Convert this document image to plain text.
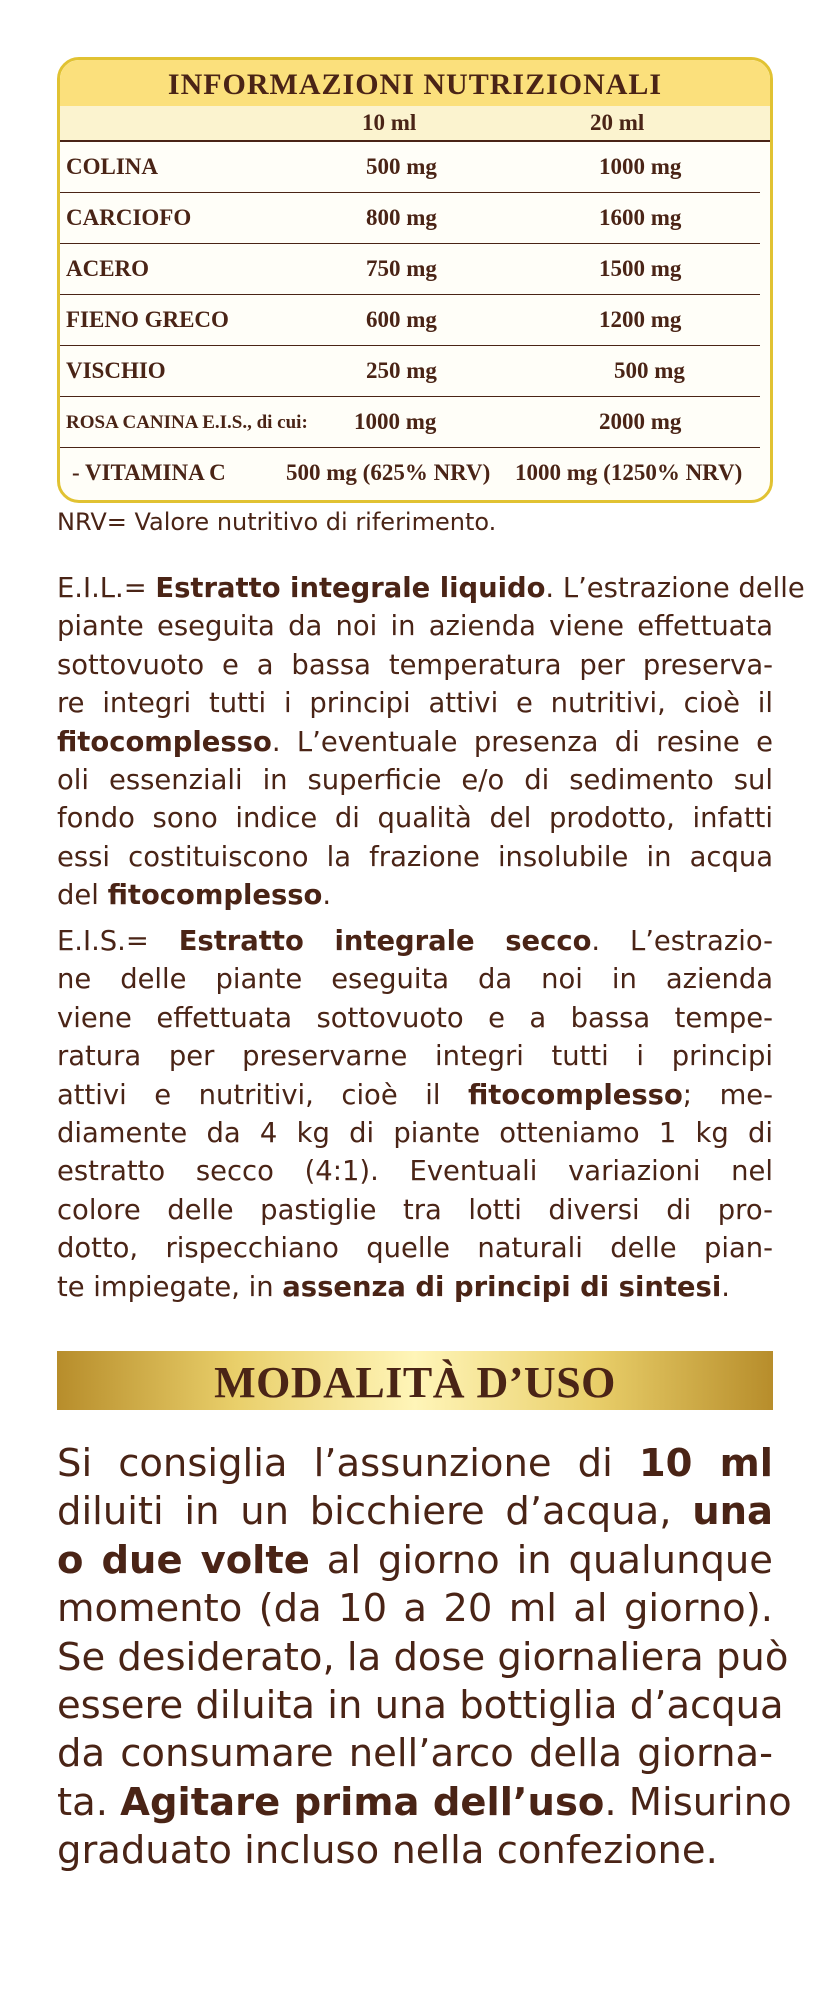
INFORMAZIONI NUTRIZIONALI
10 ml	20 ml
COLINA	500 mg	1000 mg
CARCIOFO	800 mg	1600 mg
ACERO	750 mg	1500 mg
FIENO GRECO	600 mg	1200 mg
VISCHIO	250 mg	500 mg
ROSA CANINA E.I.S., di cui: 1000 mg	2000 mg
- VITAMINA C	500 mg (625% NRV) 1000 mg (1250% NRV)
NRV= Valore nutritivo di riferimento.
E.I.L.= Estratto integrale liquido. L’estrazione delle
piante eseguita da noi in azienda viene effettuata
sottovuoto e a bassa temperatura per preserva-
re integri tutti i principi attivi e nutritivi, cioè il
fitocomplesso. L’eventuale presenza di resine e
oli essenziali in superficie e/o di sedimento sul
fondo sono indice di qualità del prodotto, infatti
essi costituiscono la frazione insolubile in acqua
del fitocomplesso.
E.I.S.= Estratto integrale secco. L’estrazio-
ne delle piante eseguita da noi in azienda
viene effettuata sottovuoto e a bassa tempe-
ratura per preservarne integri tutti i principi
attivi e nutritivi, cioè il fitocomplesso; me-
diamente da 4 kg di piante otteniamo 1 kg di
estratto secco (4:1). Eventuali variazioni nel
colore delle pastiglie tra lotti diversi di pro-
dotto, rispecchiano quelle naturali delle pian-
te impiegate, in assenza di principi di sintesi.
MODALITÀ D’USO
Si consiglia l’assunzione di 10 ml
diluiti in un bicchiere d’acqua, una
o due volte al giorno in qualunque
momento (da 10 a 20 ml al giorno).
Se desiderato, la dose giornaliera può
essere diluita in una bottiglia d’acqua
da consumare nell’arco della giorna-
ta. Agitare prima dell’uso. Misurino
graduato incluso nella confezione.
